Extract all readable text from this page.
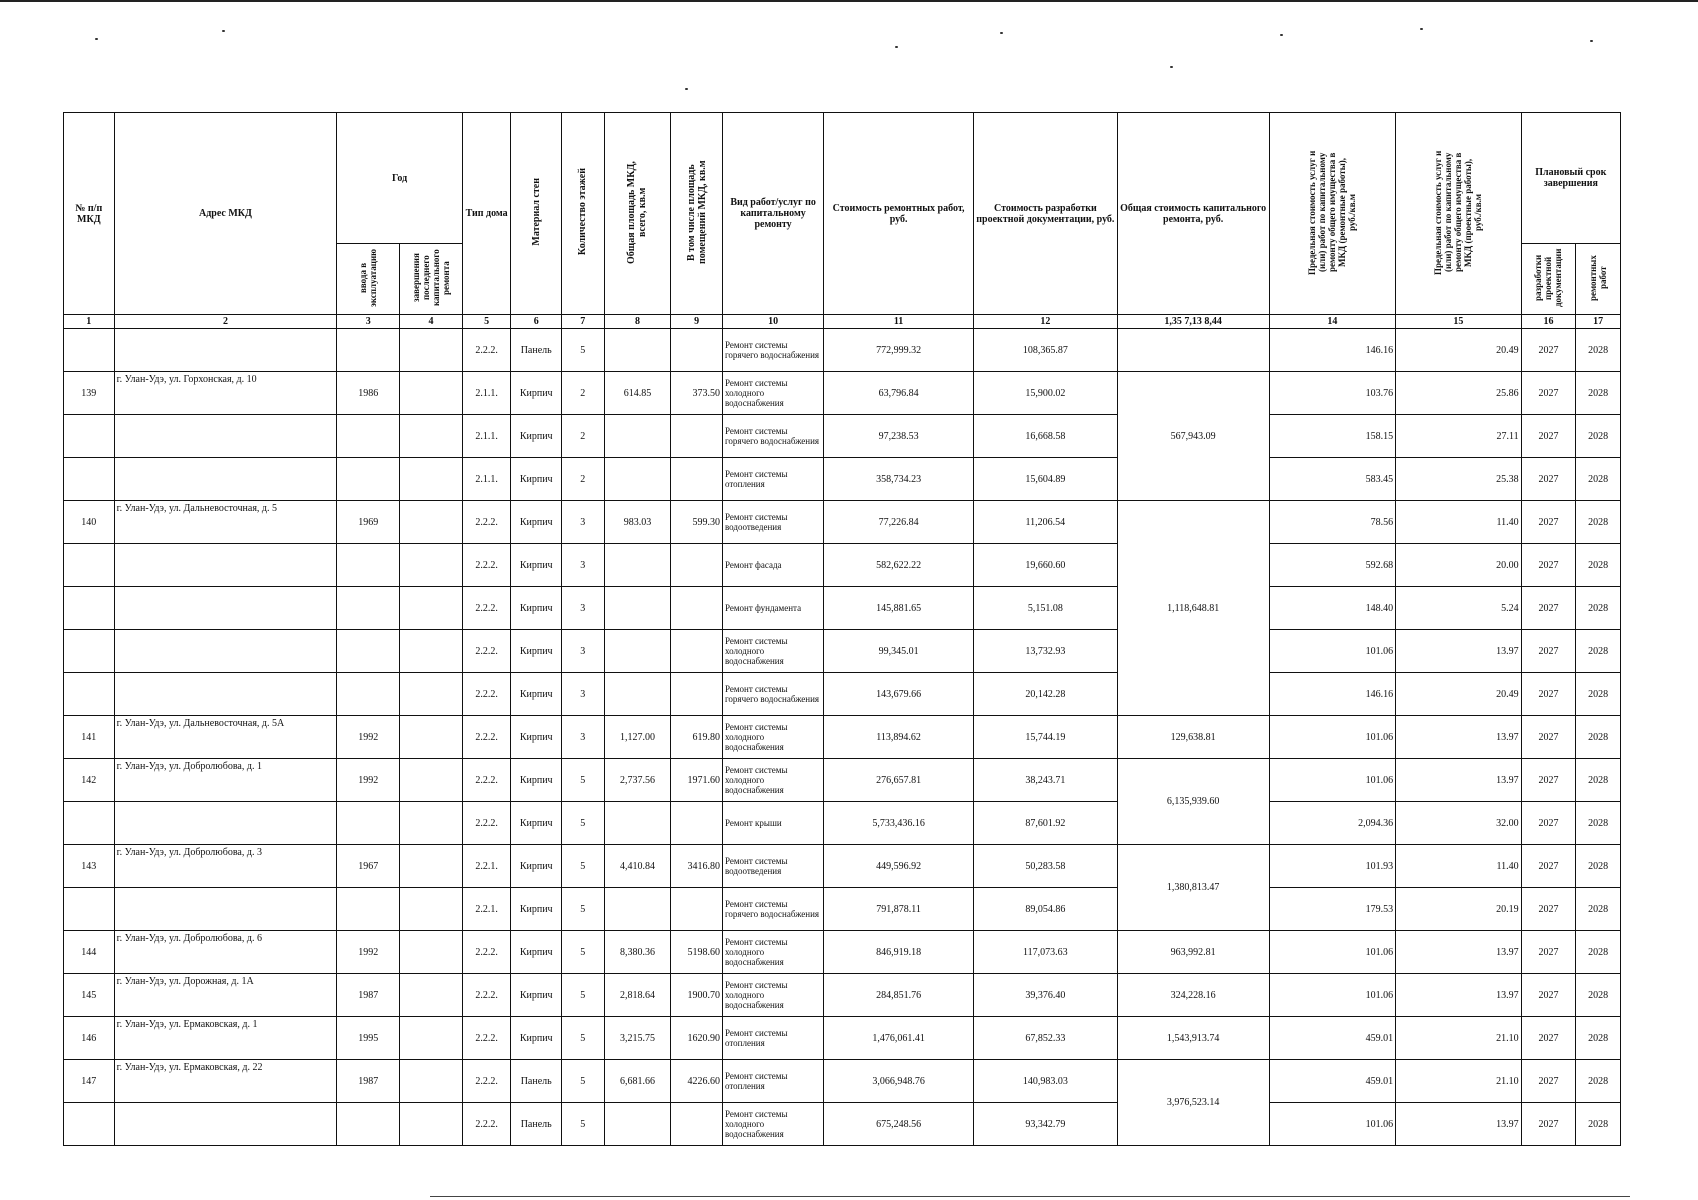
№ п/п МКД	Адрес МКД	Год		Тип дома	Материал стен	Количество этажей	Общая площадь МКД, всего, кв.м	В том числе площадь помещений МКД, кв.м	Вид работ/услуг по капитальному ремонту	Стоимость ремонтных работ, руб.	Стоимость разработки проектной документации, руб.	Общая стоимость капитального ремонта, руб.	Предельная стоимость услуг и (или) работ по капитальному ремонту общего имущества в МКД (ремонтные работы), руб./кв.м	Предельная стоимость услуг и (или) работ по капитальному ремонту общего имущества в МКД (проектные работы), руб./кв.м	Плановый срок завершения	
		ввода в эксплуатацию	завершения последнего капитального ремонта												разработки проектной документации	ремонтных работ
1	2	3	4	5	6	7	8	9	10	11	12	1,35 7,13 8,44	14	15	16	17
				2.2.2.	Панель	5			Ремонт системы горячего водоснабжения	772,999.32	108,365.87		146.16	20.49	2027	2028
139	г. Улан-Удэ, ул. Горхонская, д. 10	1986		2.1.1.	Кирпич	2	614.85	373.50	Ремонт системы холодного водоснабжения	63,796.84	15,900.02	567,943.09	103.76	25.86	2027	2028
				2.1.1.	Кирпич	2			Ремонт системы горячего водоснабжения	97,238.53	16,668.58		158.15	27.11	2027	2028
				2.1.1.	Кирпич	2			Ремонт системы отопления	358,734.23	15,604.89		583.45	25.38	2027	2028
140	г. Улан-Удэ, ул. Дальневосточная, д. 5	1969		2.2.2.	Кирпич	3	983.03	599.30	Ремонт системы водоотведения	77,226.84	11,206.54	1,118,648.81	78.56	11.40	2027	2028
				2.2.2.	Кирпич	3			Ремонт фасада	582,622.22	19,660.60		592.68	20.00	2027	2028
				2.2.2.	Кирпич	3			Ремонт фундамента	145,881.65	5,151.08		148.40	5.24	2027	2028
				2.2.2.	Кирпич	3			Ремонт системы холодного водоснабжения	99,345.01	13,732.93		101.06	13.97	2027	2028
				2.2.2.	Кирпич	3			Ремонт системы горячего водоснабжения	143,679.66	20,142.28		146.16	20.49	2027	2028
141	г. Улан-Удэ, ул. Дальневосточная, д. 5А	1992		2.2.2.	Кирпич	3	1,127.00	619.80	Ремонт системы холодного водоснабжения	113,894.62	15,744.19	129,638.81	101.06	13.97	2027	2028
142	г. Улан-Удэ, ул. Добролюбова, д. 1	1992		2.2.2.	Кирпич	5	2,737.56	1971.60	Ремонт системы холодного водоснабжения	276,657.81	38,243.71	6,135,939.60	101.06	13.97	2027	2028
				2.2.2.	Кирпич	5			Ремонт крыши	5,733,436.16	87,601.92		2,094.36	32.00	2027	2028
143	г. Улан-Удэ, ул. Добролюбова, д. 3	1967		2.2.1.	Кирпич	5	4,410.84	3416.80	Ремонт системы водоотведения	449,596.92	50,283.58	1,380,813.47	101.93	11.40	2027	2028
				2.2.1.	Кирпич	5			Ремонт системы горячего водоснабжения	791,878.11	89,054.86		179.53	20.19	2027	2028
144	г. Улан-Удэ, ул. Добролюбова, д. 6	1992		2.2.2.	Кирпич	5	8,380.36	5198.60	Ремонт системы холодного водоснабжения	846,919.18	117,073.63	963,992.81	101.06	13.97	2027	2028
145	г. Улан-Удэ, ул. Дорожная, д. 1А	1987		2.2.2.	Кирпич	5	2,818.64	1900.70	Ремонт системы холодного водоснабжения	284,851.76	39,376.40	324,228.16	101.06	13.97	2027	2028
146	г. Улан-Удэ, ул. Ермаковская, д. 1	1995		2.2.2.	Кирпич	5	3,215.75	1620.90	Ремонт системы отопления	1,476,061.41	67,852.33	1,543,913.74	459.01	21.10	2027	2028
147	г. Улан-Удэ, ул. Ермаковская, д. 22	1987		2.2.2.	Панель	5	6,681.66	4226.60	Ремонт системы отопления	3,066,948.76	140,983.03	3,976,523.14	459.01	21.10	2027	2028
				2.2.2.	Панель	5			Ремонт системы холодного водоснабжения	675,248.56	93,342.79		101.06	13.97	2027	2028
